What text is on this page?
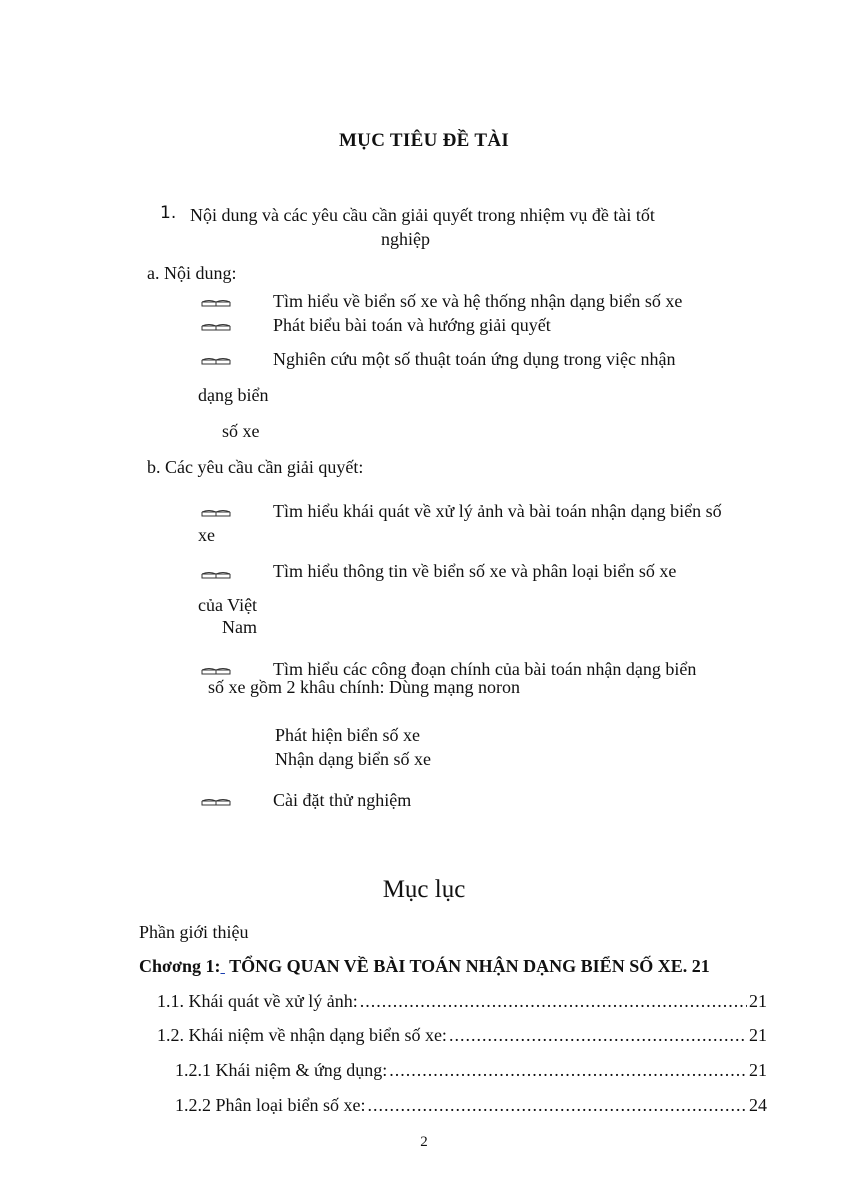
MỤC TIÊU ĐỀ TÀI
1. Nội dung và các yêu cầu cần giải quyết trong nhiệm vụ đề tài tốt
nghiệp
a. Nội dung:
Tìm hiểu về biển số xe và hệ thống nhận dạng biển số xe
Phát biểu bài toán và hướng giải quyết
Nghiên cứu một số thuật toán ứng dụng trong việc nhận
dạng biển
số xe
b. Các yêu cầu cần giải quyết:
Tìm hiểu khái quát về xử lý ảnh và bài toán nhận dạng biển số
xe
Tìm hiểu thông tin về biển số xe và phân loại biển số xe
của Việt
Nam
Tìm hiểu các công đoạn chính của bài toán nhận dạng biển
số xe gồm 2 khâu chính: Dùng mạng noron
Phát hiện biển số xe
Nhận dạng biển số xe
Cài đặt thử nghiệm
Mục lục
Phần giới thiệu
Chơơng 1:  TỔNG QUAN VỀ BÀI TOÁN NHẬN DẠNG BIỂN SỐ XE. 21
1.1. Khái quát về xử lý ảnh: .....	21
1.2. Khái niệm về nhận dạng biển số xe: .....	21
1.2.1 Khái niệm & ứng dụng: .....	21
1.2.2 Phân loại biển số xe: .....	24
2
